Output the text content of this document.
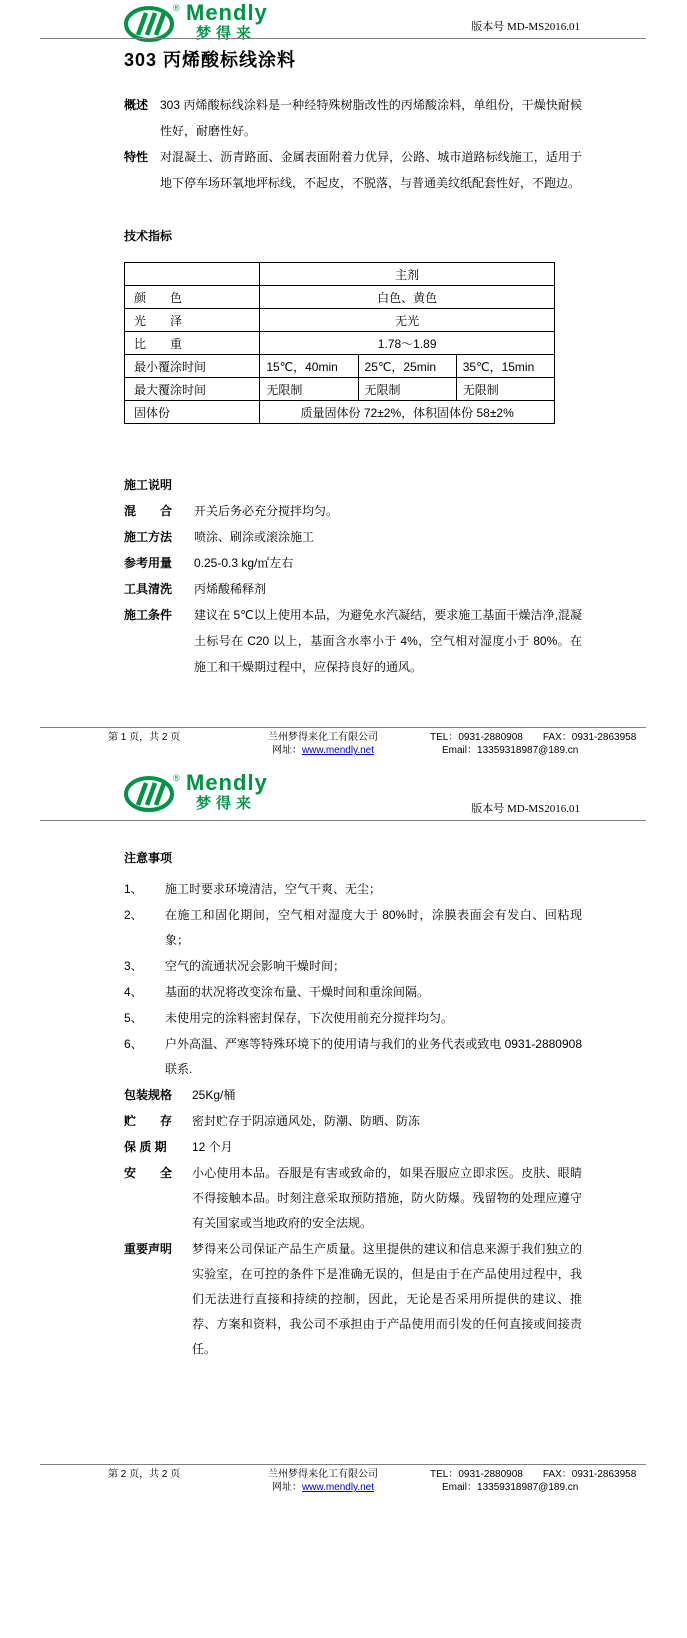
® Mendly
梦得来	版本号 MD-MS2016.01
303 丙烯酸标线涂料
概述 303 丙烯酸标线涂料是一种经特殊树脂改性的丙烯酸涂料，单组份，干燥快耐候性好，耐磨性好。
特性 对混凝土、沥青路面、金属表面附着力优异，公路、城市道路标线施工，适用于地下停车场环氧地坪标线，不起皮，不脱落，与普通美纹纸配套性好，不跑边。
技术指标
	主剂		
颜　　色	白色、黄色		
光　　泽	无光		
比　　重	1.78～1.89		
最小覆涂时间	15℃，40min	25℃，25min	35℃，15min
最大覆涂时间	无限制	无限制	无限制
固体份	质量固体份 72±2%，体积固体份 58±2%		
施工说明
混　　合	开关后务必充分搅拌均匀。
施工方法	喷涂、刷涂或滚涂施工
参考用量	0.25-0.3 kg/㎡左右
工具清洗	丙烯酸稀释剂
施工条件	建议在 5℃以上使用本品，为避免水汽凝结，要求施工基面干燥洁净,混凝土标号在 C20 以上，基面含水率小于 4%，空气相对湿度小于 80%。在施工和干燥期过程中，应保持良好的通风。
第 1 页，共 2 页	兰州梦得来化工有限公司
网址：www.mendly.net
TEL：0931-2880908 FAX：0931-2863958
Email：13359318987@189.cn
® Mendly
梦得来	版本号 MD-MS2016.01
注意事项
1、	施工时要求环境清洁，空气干爽、无尘；
2、	在施工和固化期间，空气相对湿度大于 80%时，涂膜表面会有发白、回粘现象；
3、	空气的流通状况会影响干燥时间；
4、	基面的状况将改变涂布量、干燥时间和重涂间隔。
5、	未使用完的涂料密封保存，下次使用前充分搅拌均匀。
6、	户外高温、严寒等特殊环境下的使用请与我们的业务代表或致电 0931-2880908 联系.
包装规格	25Kg/桶
贮　　存	密封贮存于阴凉通风处，防潮、防晒、防冻
保 质 期	12 个月
安　　全	小心使用本品。吞服是有害或致命的，如果吞服应立即求医。皮肤、眼睛不得接触本品。时刻注意采取预防措施，防火防爆。残留物的处理应遵守有关国家或当地政府的安全法规。
重要声明	梦得来公司保证产品生产质量。这里提供的建议和信息来源于我们独立的实验室，在可控的条件下是准确无误的，但是由于在产品使用过程中，我们无法进行直接和持续的控制，因此，无论是否采用所提供的建议、推荐、方案和资料，我公司不承担由于产品使用而引发的任何直接或间接责任。
第 2 页，共 2 页	兰州梦得来化工有限公司
网址：www.mendly.net
TEL：0931-2880908 FAX：0931-2863958
Email：13359318987@189.cn
